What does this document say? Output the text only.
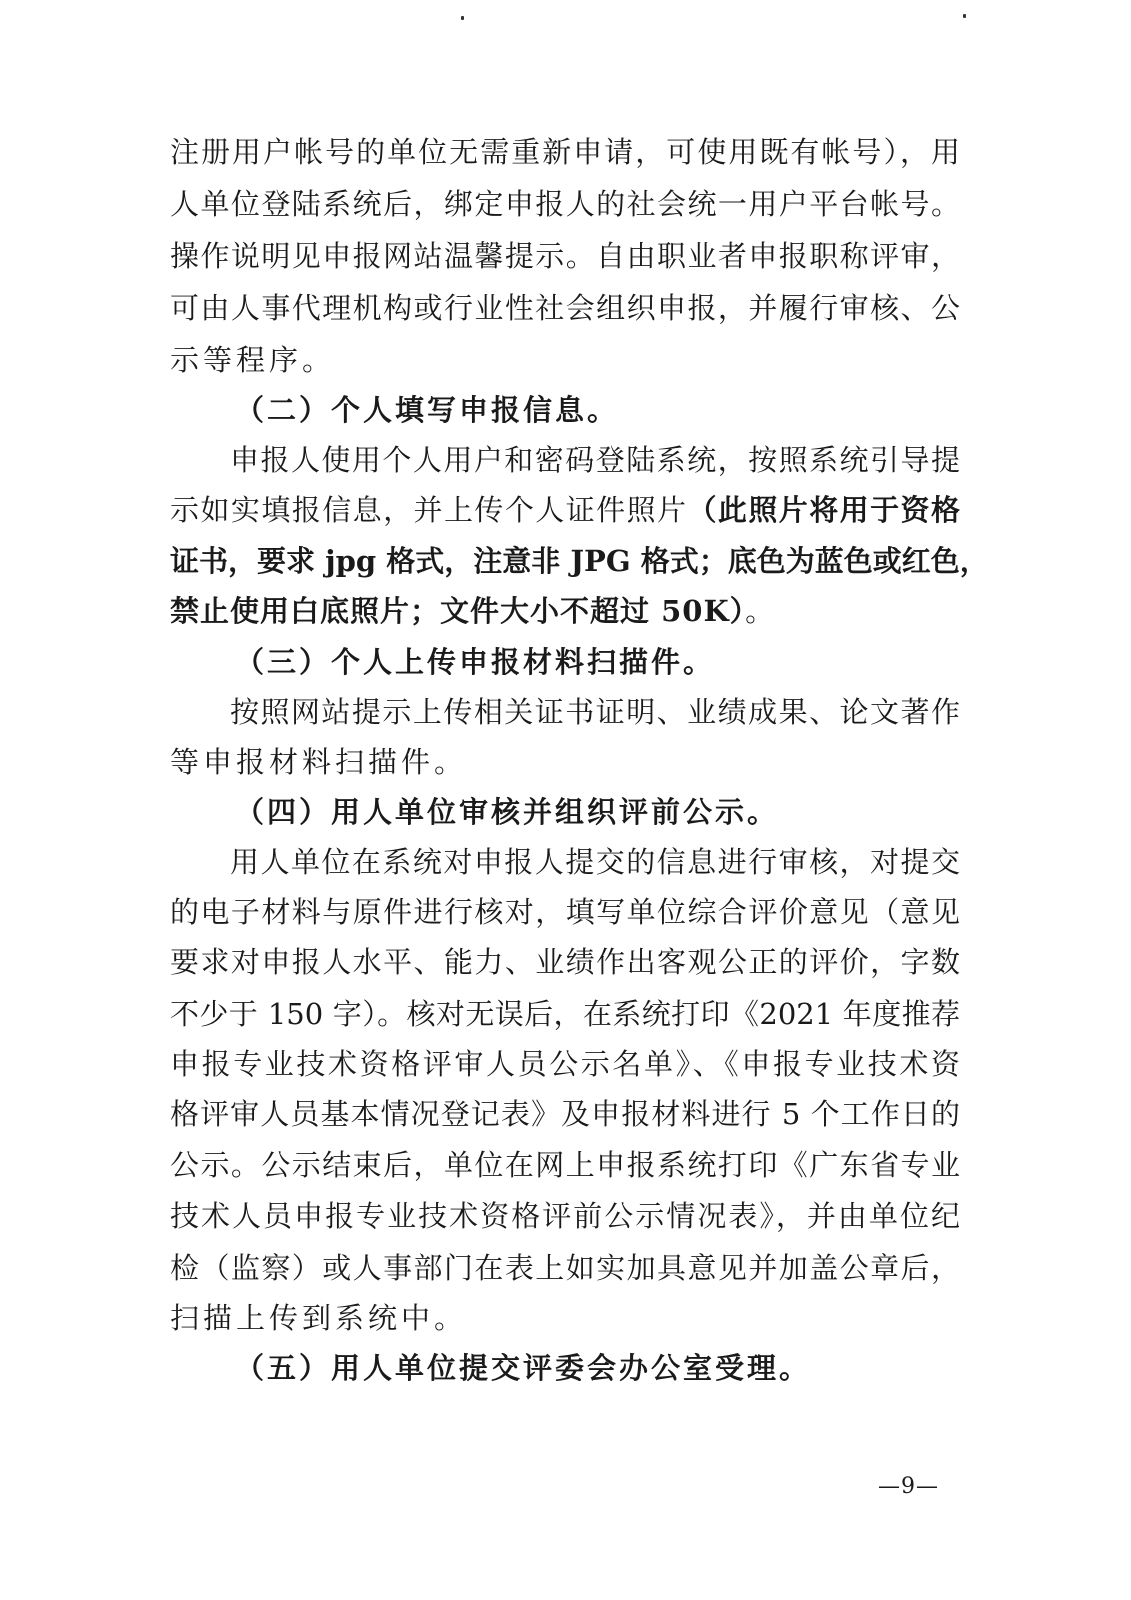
注册用户帐号的单位无需重新申请，可使用既有帐号），用
人单位登陆系统后，绑定申报人的社会统一用户平台帐号。
操作说明见申报网站温馨提示。自由职业者申报职称评审，
可由人事代理机构或行业性社会组织申报，并履行审核、公
示等程序。
（二）个人填写申报信息。
申报人使用个人用户和密码登陆系统，按照系统引导提
示如实填报信息，并上传个人证件照片（此照片将用于资格
证书，要求 jpg 格式，注意非 JPG 格式；底色为蓝色或红色，
禁止使用白底照片；文件大小不超过 50K）。
（三）个人上传申报材料扫描件。
按照网站提示上传相关证书证明、业绩成果、论文著作
等申报材料扫描件。
（四）用人单位审核并组织评前公示。
用人单位在系统对申报人提交的信息进行审核，对提交
的电子材料与原件进行核对，填写单位综合评价意见（意见
要求对申报人水平、能力、业绩作出客观公正的评价，字数
不少于 150 字）。核对无误后，在系统打印《2021 年度推荐
申报专业技术资格评审人员公示名单》、《申报专业技术资
格评审人员基本情况登记表》及申报材料进行 5 个工作日的
公示。公示结束后，单位在网上申报系统打印《广东省专业
技术人员申报专业技术资格评前公示情况表》，并由单位纪
检（监察）或人事部门在表上如实加具意见并加盖公章后，
扫描上传到系统中。
（五）用人单位提交评委会办公室受理。
—9—
